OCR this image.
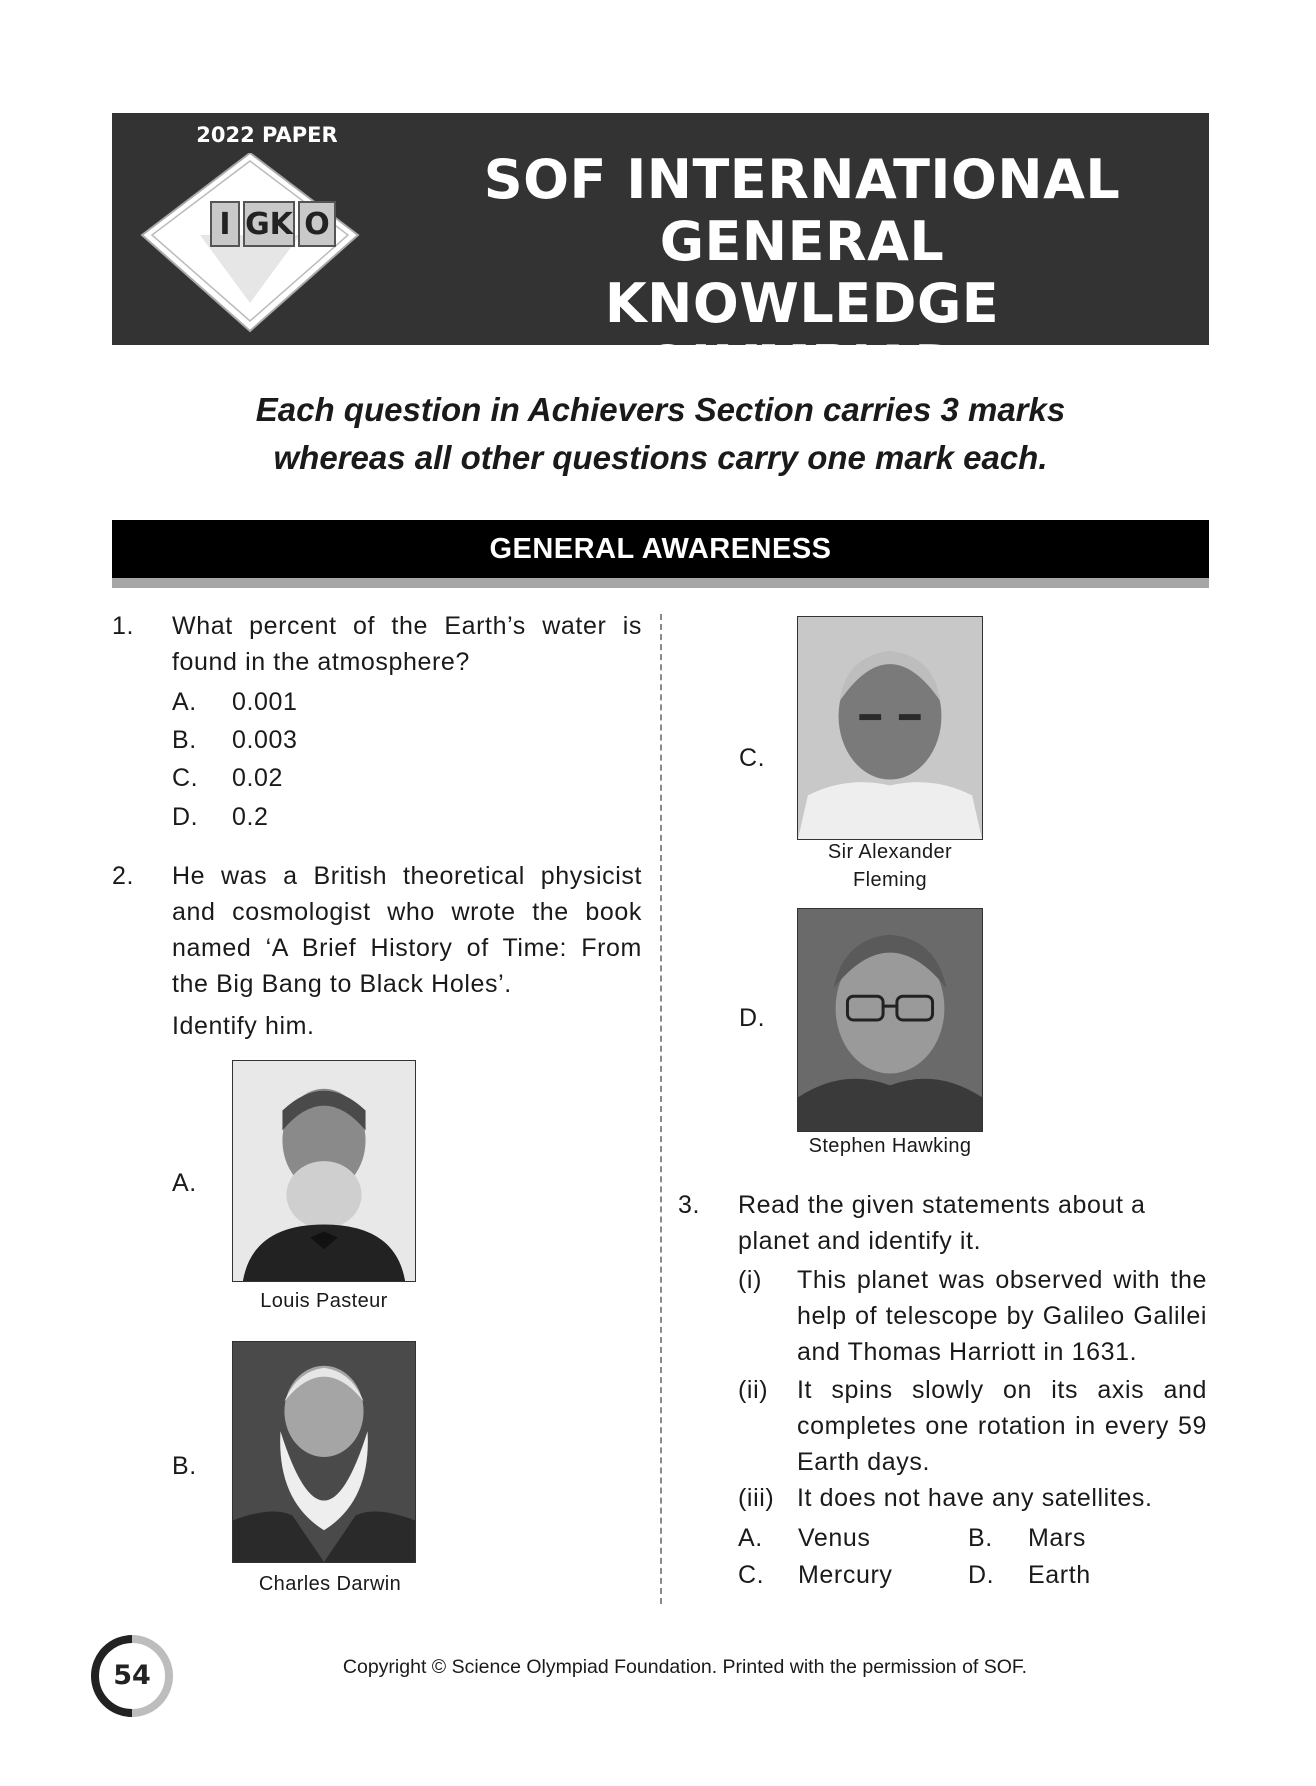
2022 PAPER
I GK O
SOF INTERNATIONAL
GENERAL KNOWLEDGE
OLYMPIAD
Each question in Achievers Section carries 3 marks
whereas all other questions carry one mark each.
GENERAL AWARENESS
1. What percent of the Earth’s water is found in the atmosphere?
A. 0.001
B. 0.003
C. 0.02
D. 0.2
2. He was a British theoretical physicist and cosmologist who wrote the book named ‘A Brief History of Time: From the Big Bang to Black Holes’.
Identify him.
A.
Louis Pasteur
B.
Charles Darwin
C.
Sir Alexander
Fleming
D.
Stephen Hawking
3. Read the given statements about a planet and identify it.
(i) This planet was observed with the help of telescope by Galileo Galilei and Thomas Harriott in 1631.
(ii) It spins slowly on its axis and completes one rotation in every 59 Earth days.
(iii) It does not have any satellites.
A. Venus	B. Mars
C. Mercury	D. Earth
54	Copyright © Science Olympiad Foundation. Printed with the permission of SOF.
